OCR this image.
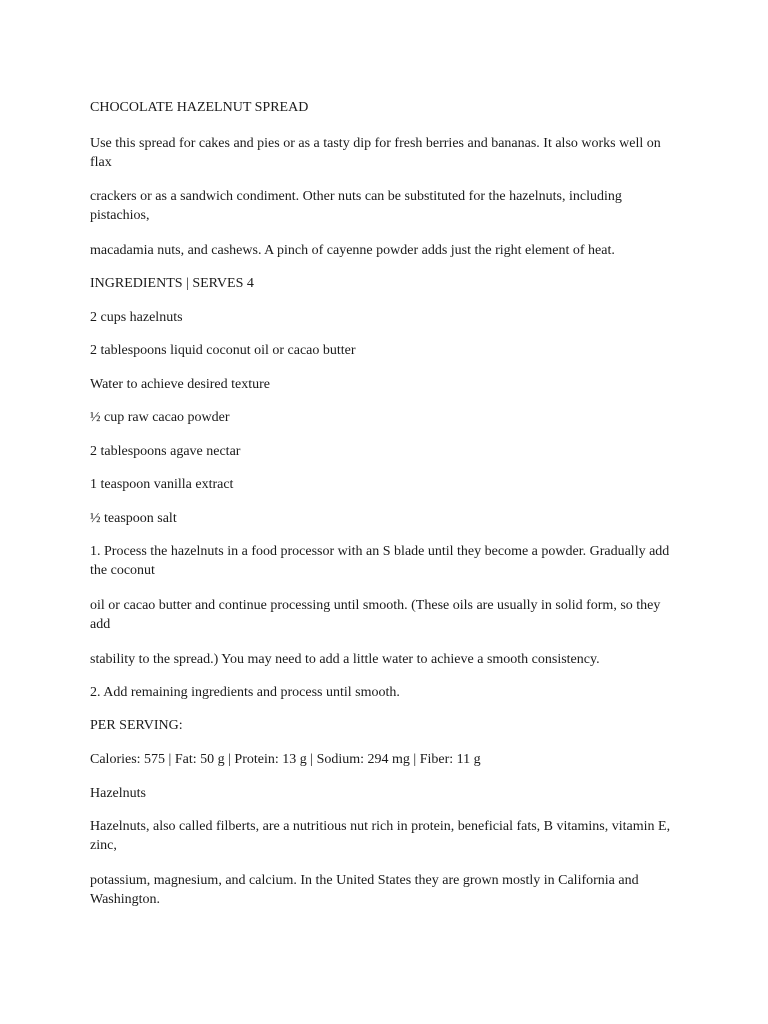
CHOCOLATE HAZELNUT SPREAD

Use this spread for cakes and pies or as a tasty dip for fresh berries and bananas. It also works well on flax

crackers or as a sandwich condiment. Other nuts can be substituted for the hazelnuts, including pistachios,

macadamia nuts, and cashews. A pinch of cayenne powder adds just the right element of heat.

INGREDIENTS | SERVES 4

2 cups hazelnuts

2 tablespoons liquid coconut oil or cacao butter

Water to achieve desired texture

½ cup raw cacao powder

2 tablespoons agave nectar

1 teaspoon vanilla extract

½ teaspoon salt

1. Process the hazelnuts in a food processor with an S blade until they become a powder. Gradually add the coconut

oil or cacao butter and continue processing until smooth. (These oils are usually in solid form, so they add

stability to the spread.) You may need to add a little water to achieve a smooth consistency.

2. Add remaining ingredients and process until smooth.

PER SERVING:

Calories: 575 | Fat: 50 g | Protein: 13 g | Sodium: 294 mg | Fiber: 11 g

Hazelnuts

Hazelnuts, also called filberts, are a nutritious nut rich in protein, beneficial fats, B vitamins, vitamin E, zinc,

potassium, magnesium, and calcium. In the United States they are grown mostly in California and Washington.
